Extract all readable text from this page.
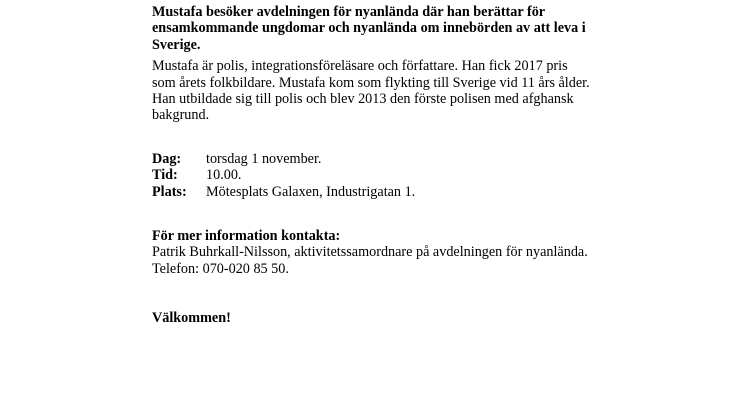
Mustafa besöker avdelningen för nyanlända där han berättar för ensamkommande ungdomar och nyanlända om innebörden av att leva i Sverige.

Mustafa är polis, integrationsföreläsare och författare. Han fick 2017 pris
som årets folkbildare. Mustafa kom som flykting till Sverige vid 11 års ålder.
Han utbildade sig till polis och blev 2013 den förste polisen med afghansk
bakgrund.
Dag:	torsdag 1 november.
Tid:	10.00.
Plats:	Mötesplats Galaxen, Industrigatan 1.
För mer information kontakta:
Patrik Buhrkall-Nilsson, aktivitetssamordnare på avdelningen för nyanlända.
Telefon: 070-020 85 50.
Välkommen!
